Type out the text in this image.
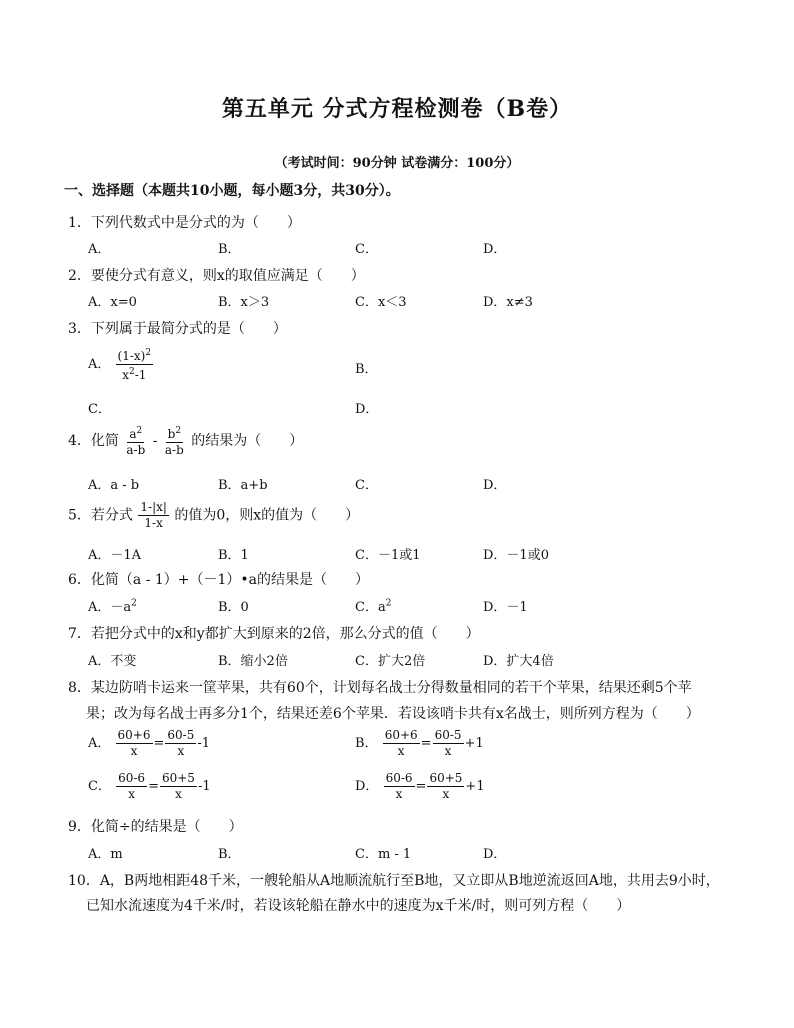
第五单元 分式方程检测卷（B卷）
（考试时间：90分钟 试卷满分：100分）
一、选择题（本题共10小题，每小题3分，共30分）。
1．下列代数式中是分式的为（　　）
A．	B．	C．	D．
2．要使分式有意义，则x的取值应满足（　　）
A．x=0	B．x＞3	C．x＜3	D．x≠3
3．下列属于最简分式的是（　　）
A． $\frac{(1-x)^2}{x^2-1}$	B．
C．	D．
4．化简 $\frac{a^2}{a-b} - \frac{b^2}{a-b}$ 的结果为（　　）
A．a - b	B．a+b	C．	D．
5．若分式 $\frac{1-|x|}{1-x}$ 的值为0，则x的值为（　　）
A．－1A	B．1	C．－1或1	D．－1或0
6．化简（a - 1）+（－1）•a的结果是（　　）
A．$-a^2$	B．0	C．$a^2$	D．－1
7．若把分式中的x和y都扩大到原来的2倍，那么分式的值（　　）
A．不变	B．缩小2倍	C．扩大2倍	D．扩大4倍
8．某边防哨卡运来一筐苹果，共有60个，计划每名战士分得数量相同的若干个苹果，结果还剩5个苹
果；改为每名战士再多分1个，结果还差6个苹果．若设该哨卡共有x名战士，则所列方程为（　　）
A． $\frac{60+6}{x} = \frac{60-5}{x} -1$	B． $\frac{60+6}{x} = \frac{60-5}{x} +1$
C． $\frac{60-6}{x} = \frac{60+5}{x} -1$	D． $\frac{60-6}{x} = \frac{60+5}{x} +1$
9．化简÷的结果是（　　）
A．m	B．	C．m - 1	D．
10．A，B两地相距48千米，一艘轮船从A地顺流航行至B地，又立即从B地逆流返回A地，共用去9小时，
已知水流速度为4千米/时，若设该轮船在静水中的速度为x千米/时，则可列方程（　　）
